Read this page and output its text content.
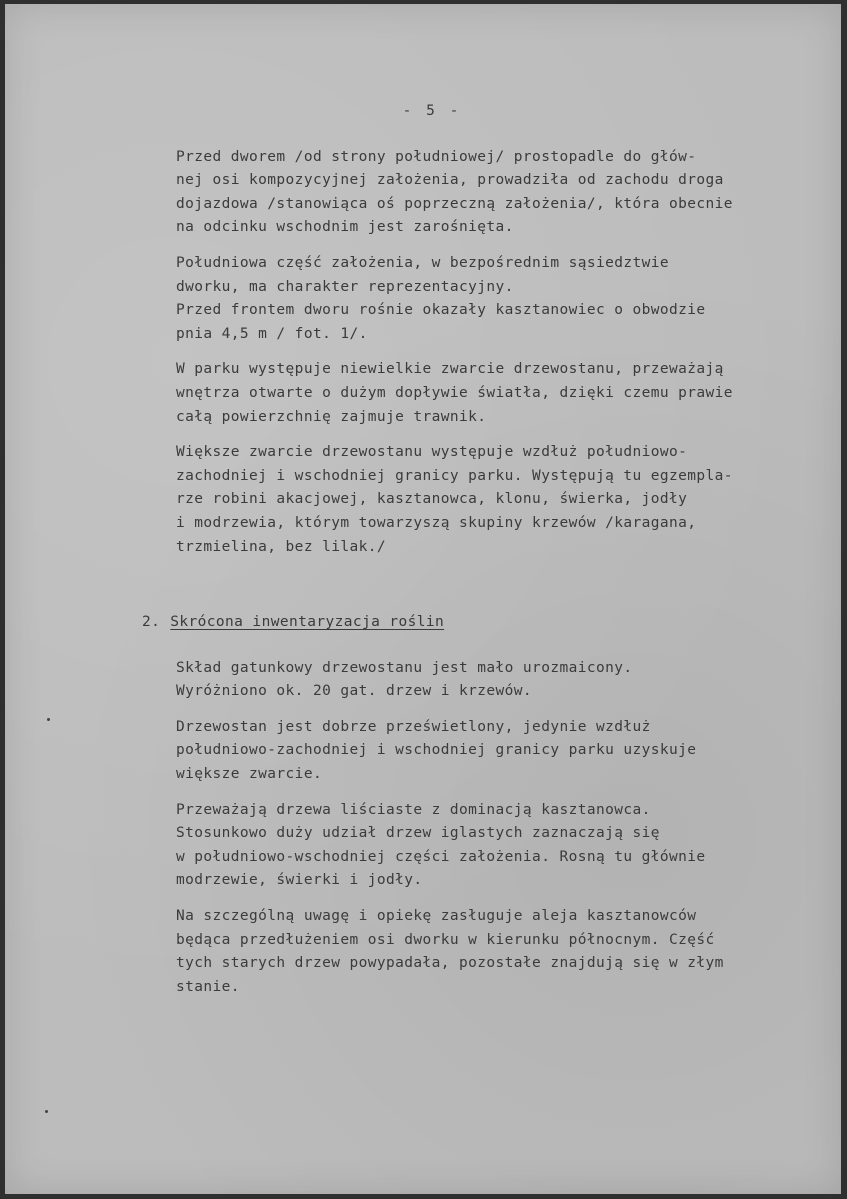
- 5 -
Przed dworem /od strony południowej/ prostopadle do głów-
nej osi kompozycyjnej założenia, prowadziła od zachodu droga
dojazdowa /stanowiąca oś poprzeczną założenia/, która obecnie
na odcinku wschodnim jest zarośnięta.
Południowa część założenia, w bezpośrednim sąsiedztwie
dworku, ma charakter reprezentacyjny.
Przed frontem dworu rośnie okazały kasztanowiec o obwodzie
pnia 4,5 m / fot. 1/.
W parku występuje niewielkie zwarcie drzewostanu, przeważają
wnętrza otwarte o dużym dopływie światła, dzięki czemu prawie
całą powierzchnię zajmuje trawnik.
Większe zwarcie drzewostanu występuje wzdłuż południowo-
zachodniej i wschodniej granicy parku. Występują tu egzempla-
rze robini akacjowej, kasztanowca, klonu, świerka, jodły
i modrzewia, którym towarzyszą skupiny krzewów /karagana,
trzmielina, bez lilak./
2. Skrócona inwentaryzacja roślin
Skład gatunkowy drzewostanu jest mało urozmaicony.
Wyróżniono ok. 20 gat. drzew i krzewów.
Drzewostan jest dobrze prześwietlony, jedynie wzdłuż
południowo-zachodniej i wschodniej granicy parku uzyskuje
większe zwarcie.
Przeważają drzewa liściaste z dominacją kasztanowca.
Stosunkowo duży udział drzew iglastych zaznaczają się
w południowo-wschodniej części założenia. Rosną tu głównie
modrzewie, świerki i jodły.
Na szczególną uwagę i opiekę zasługuje aleja kasztanowców
będąca przedłużeniem osi dworku w kierunku północnym. Część
tych starych drzew powypadała, pozostałe znajdują się w złym
stanie.
